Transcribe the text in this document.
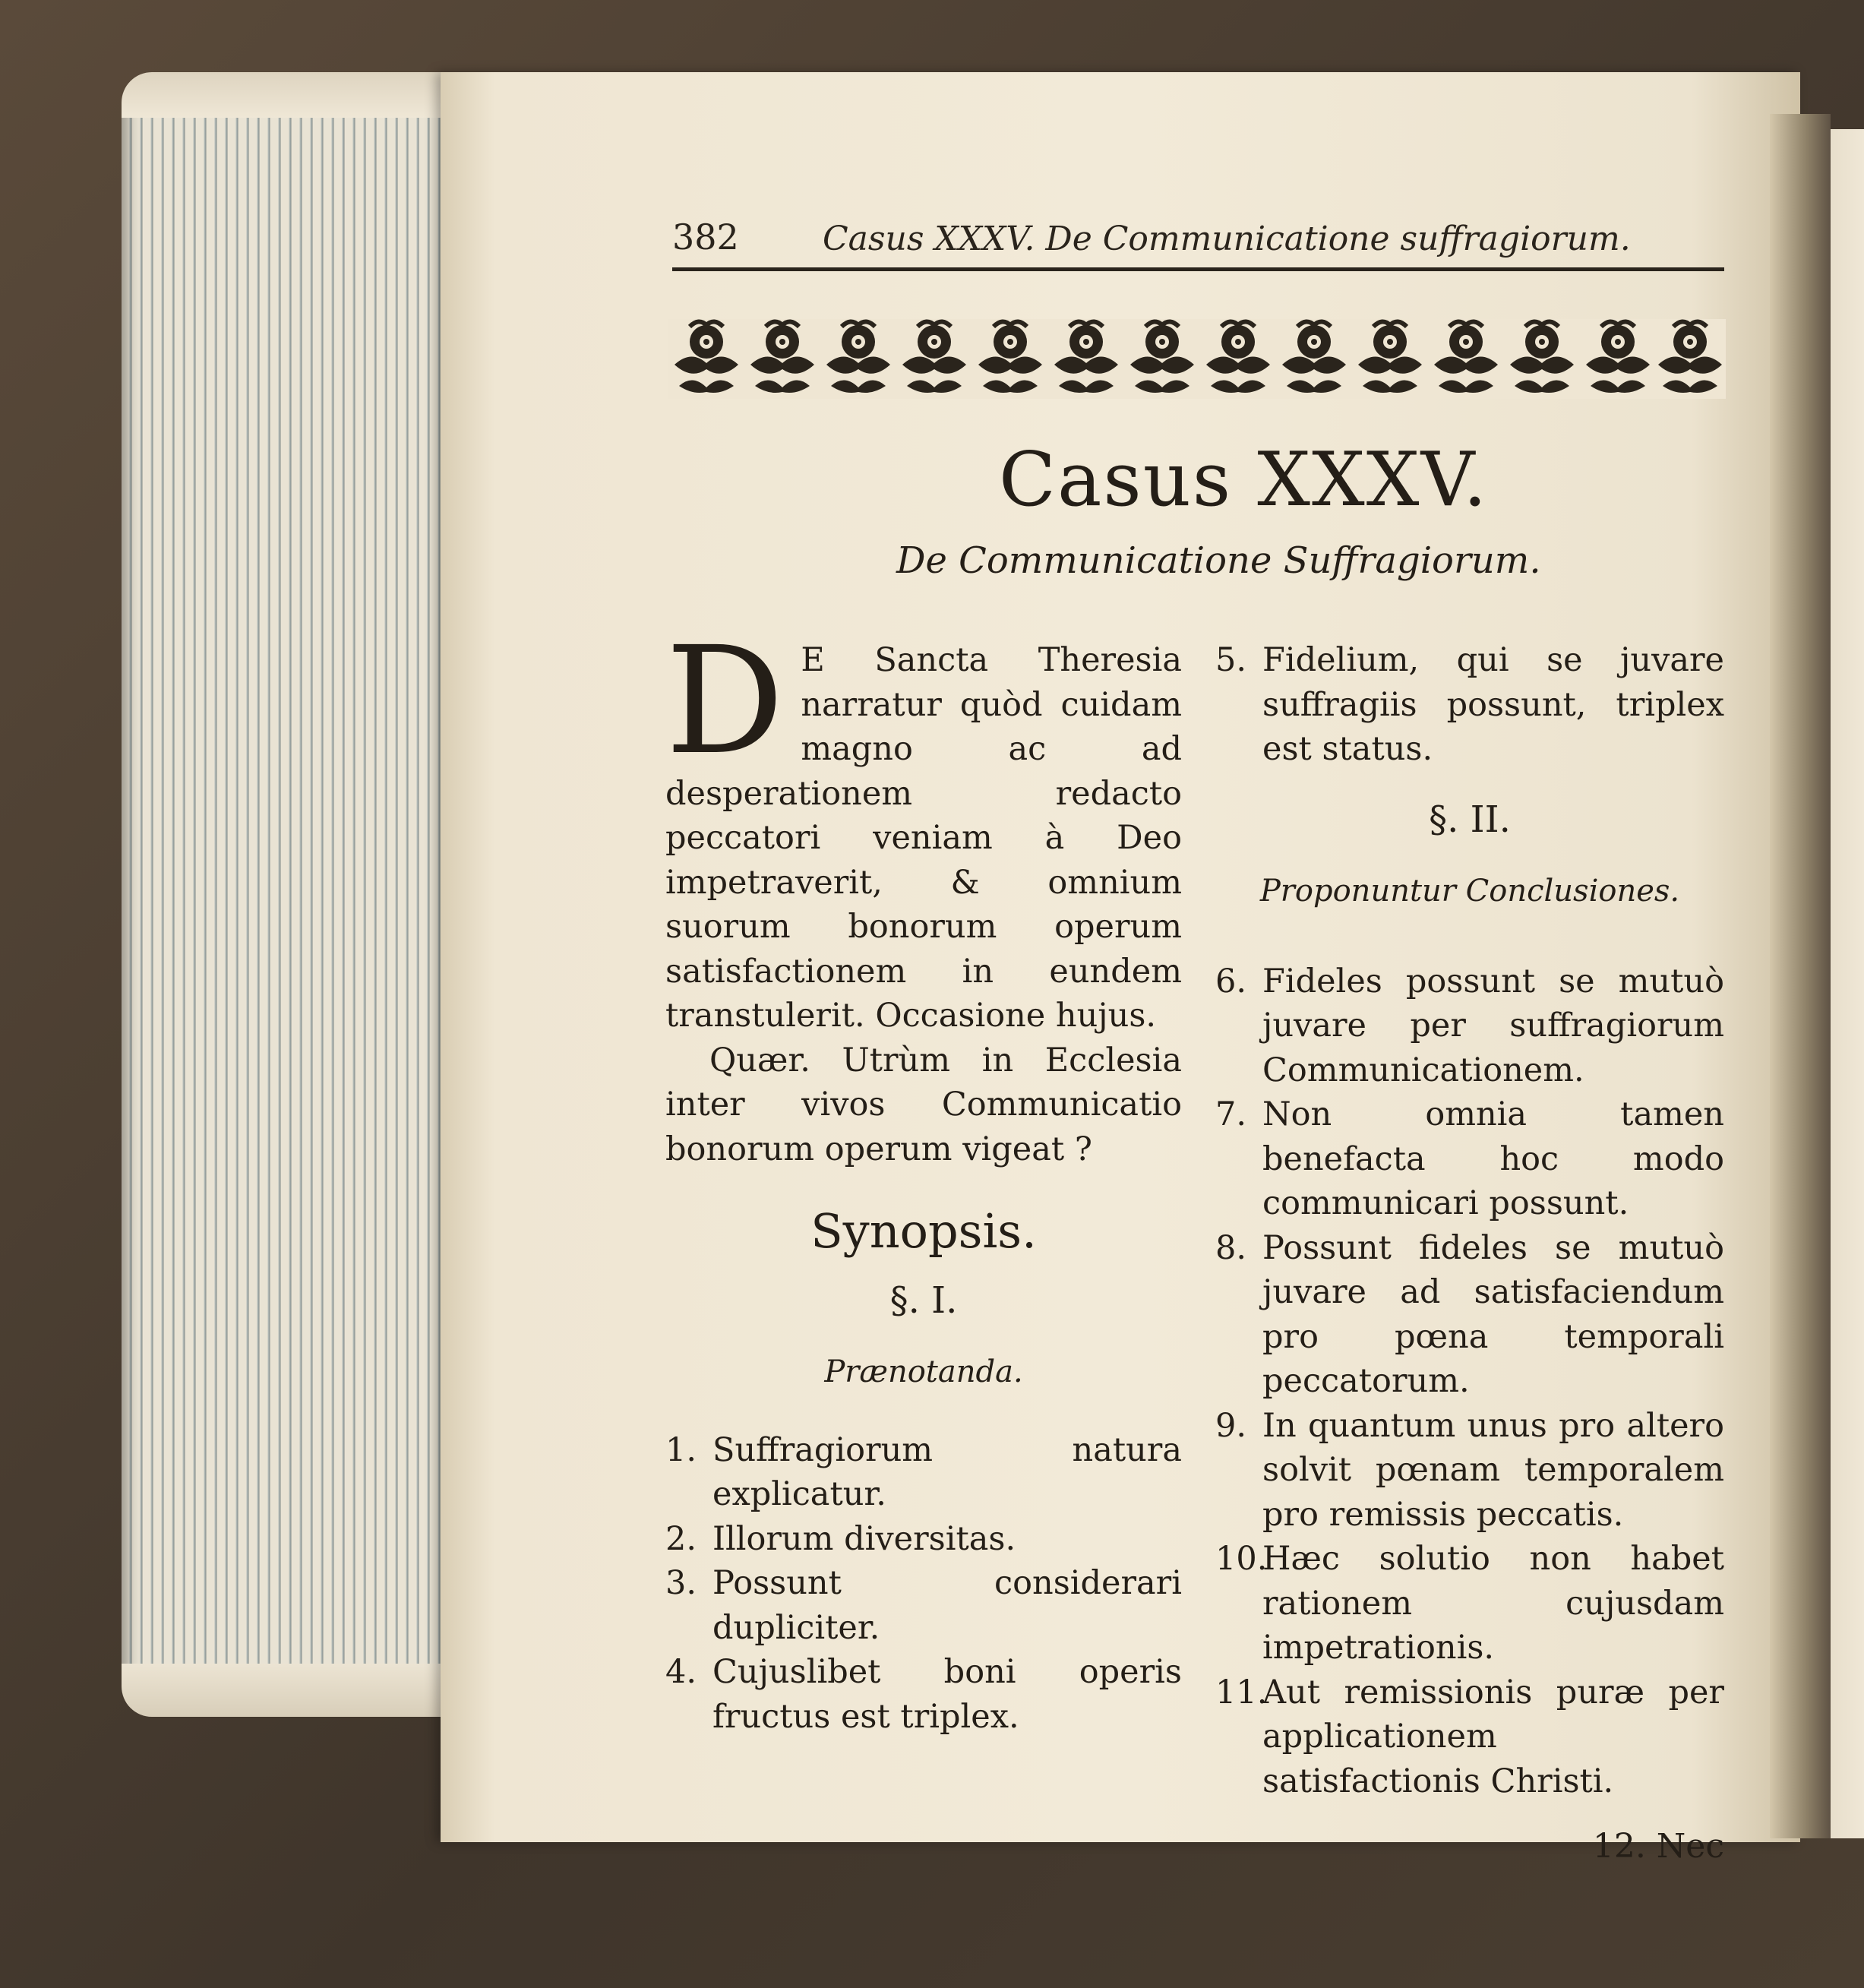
382	Casus XXXV. De Communicatione suffragiorum.
Casus XXXV.
De Communicatione Suffragiorum.
D E Sancta Theresia narratur quòd cuidam magno ac ad desperationem redacto peccatori veniam à Deo impetraverit, & omnium suorum bonorum operum satisfactionem in eundem transtulerit. Occasione hujus.
Quær. Utrùm in Ecclesia inter vivos Communicatio bonorum operum vigeat ?
Synopsis.
§. I.
Prænotanda.
1. Suffragiorum natura explicatur.
2. Illorum diversitas.
3. Possunt considerari dupliciter.
4. Cujuslibet boni operis fructus est triplex.
5. Fidelium, qui se juvare suffragiis possunt, triplex est status.
§. II.
Proponuntur Conclusiones.
6. Fideles possunt se mutuò juvare per suffragiorum Communicationem.
7. Non omnia tamen benefacta hoc modo communicari possunt.
8. Possunt fideles se mutuò juvare ad satisfaciendum pro pœna temporali peccatorum.
9. In quantum unus pro altero solvit pœnam temporalem pro remissis peccatis.
10.
Hæc solutio non habet rationem cujusdam impetrationis.
11.
Aut remissionis puræ per applicationem satisfactionis Christi.
12. Nec
